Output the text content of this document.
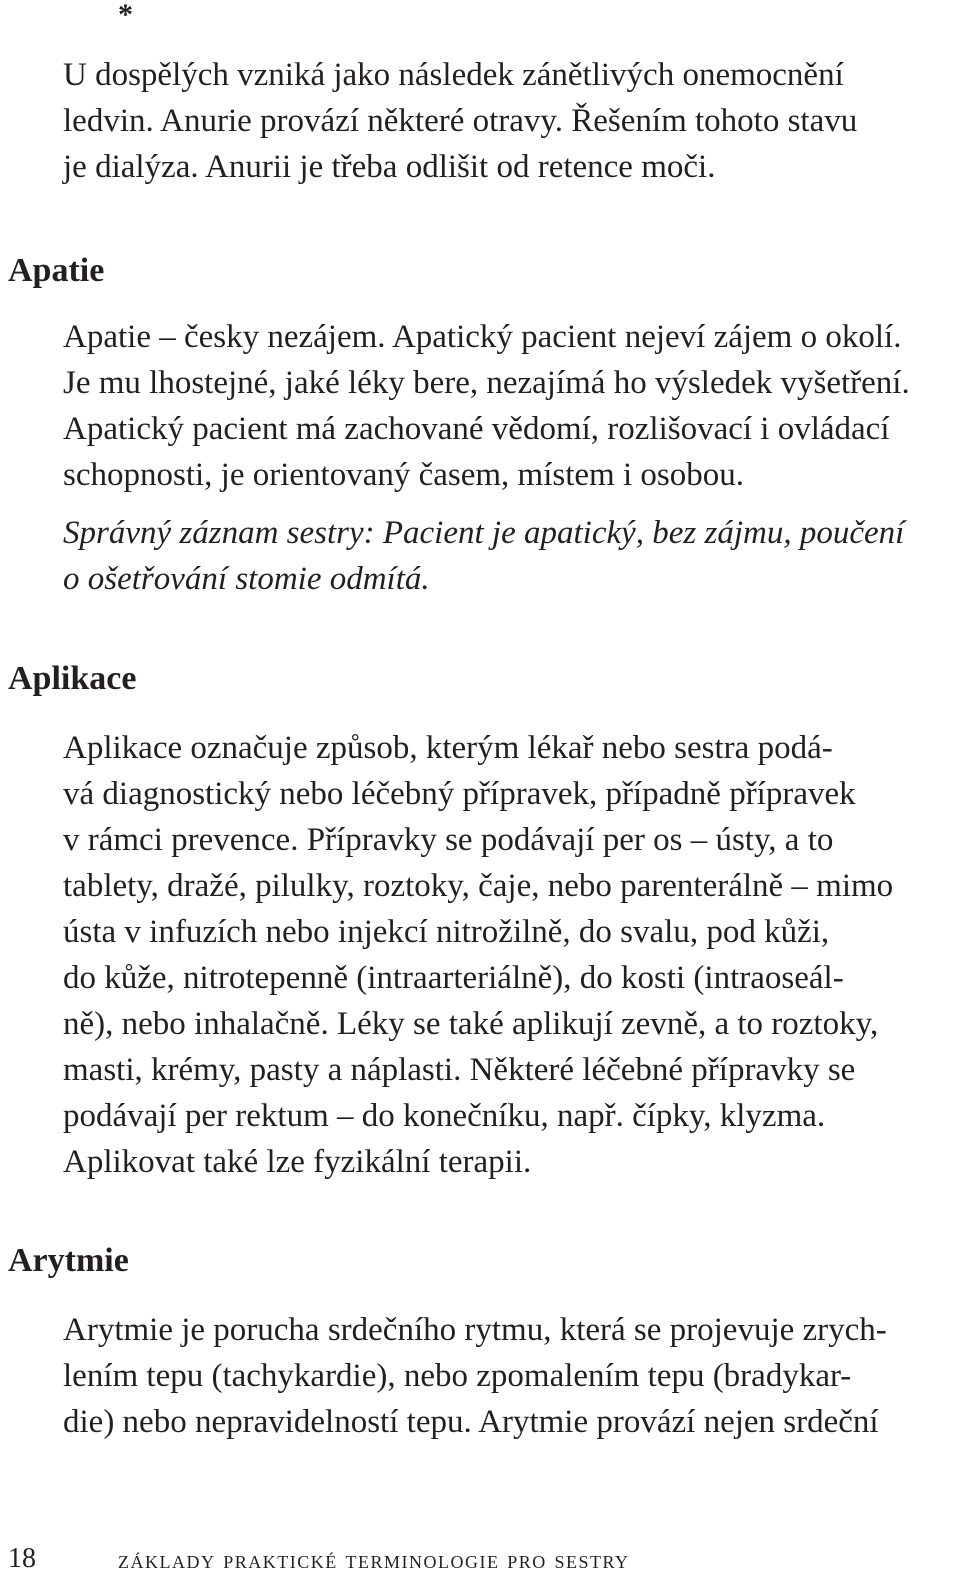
*
U dospělých vzniká jako následek zánětlivých onemocnění
ledvin. Anurie provází některé otravy. Řešením tohoto stavu
je dialýza. Anurii je třeba odlišit od retence moči.
Apatie
Apatie – česky nezájem. Apatický pacient nejeví zájem o okolí.
Je mu lhostejné, jaké léky bere, nezajímá ho výsledek vyšetření.
Apatický pacient má zachované vědomí, rozlišovací i ovládací
schopnosti, je orientovaný časem, místem i osobou.
Správný záznam sestry: Pacient je apatický, bez zájmu, poučení
o ošetřování stomie odmítá.
Aplikace
Aplikace označuje způsob, kterým lékař nebo sestra podá-
vá diagnostický nebo léčebný přípravek, případně přípravek
v rámci prevence. Přípravky se podávají per os – ústy, a to
tablety, dražé, pilulky, roztoky, čaje, nebo parenterálně – mimo
ústa v infuzích nebo injekcí nitrožilně, do svalu, pod kůži,
do kůže, nitrotepenně (intraarteriálně), do kosti (intraoseál-
ně), nebo inhalačně. Léky se také aplikují zevně, a to roztoky,
masti, krémy, pasty a náplasti. Některé léčebné přípravky se
podávají per rektum – do konečníku, např. čípky, klyzma.
Aplikovat také lze fyzikální terapii.
Arytmie
Arytmie je porucha srdečního rytmu, která se projevuje zrych-
lením tepu (tachykardie), nebo zpomalením tepu (bradykar-
die) nebo nepravidelností tepu. Arytmie provází nejen srdeční
18	základy praktické terminologie pro sestry
